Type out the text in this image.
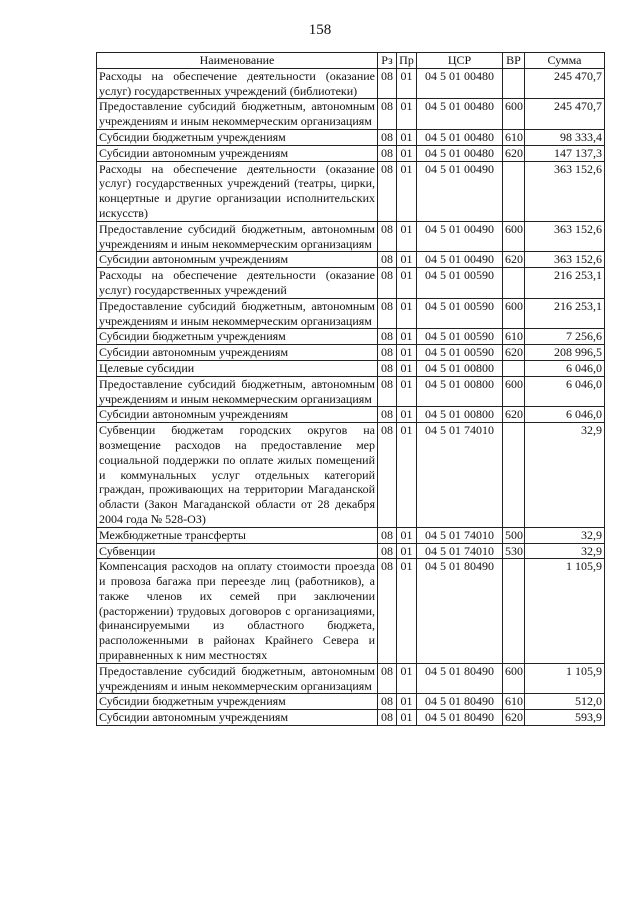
158
Наименование	Рз	Пр	ЦСР	ВР	Сумма
Расходы на обеспечение деятельности (оказание услуг) государственных учреждений (библиотеки)	08	01	04 5 01 00480		245 470,7
Предоставление субсидий бюджетным, автономным учреждениям и иным некоммерческим организациям	08	01	04 5 01 00480	600	245 470,7
Субсидии бюджетным учреждениям	08	01	04 5 01 00480	610	98 333,4
Субсидии автономным учреждениям	08	01	04 5 01 00480	620	147 137,3
Расходы на обеспечение деятельности (оказание услуг) государственных учреждений (театры, цирки, концертные и другие организации исполнительских искусств)	08	01	04 5 01 00490		363 152,6
Предоставление субсидий бюджетным, автономным учреждениям и иным некоммерческим организациям	08	01	04 5 01 00490	600	363 152,6
Субсидии автономным учреждениям	08	01	04 5 01 00490	620	363 152,6
Расходы на обеспечение деятельности (оказание услуг) государственных учреждений	08	01	04 5 01 00590		216 253,1
Предоставление субсидий бюджетным, автономным учреждениям и иным некоммерческим организациям	08	01	04 5 01 00590	600	216 253,1
Субсидии бюджетным учреждениям	08	01	04 5 01 00590	610	7 256,6
Субсидии автономным учреждениям	08	01	04 5 01 00590	620	208 996,5
Целевые субсидии	08	01	04 5 01 00800		6 046,0
Предоставление субсидий бюджетным, автономным учреждениям и иным некоммерческим организациям	08	01	04 5 01 00800	600	6 046,0
Субсидии автономным учреждениям	08	01	04 5 01 00800	620	6 046,0
Субвенции бюджетам городских округов на возмещение расходов на предоставление мер социальной поддержки по оплате жилых помещений и коммунальных услуг отдельных категорий граждан, проживающих на территории Магаданской области (Закон Магаданской области от 28 декабря 2004 года № 528-ОЗ)	08	01	04 5 01 74010		32,9
Межбюджетные трансферты	08	01	04 5 01 74010	500	32,9
Субвенции	08	01	04 5 01 74010	530	32,9
Компенсация расходов на оплату стоимости проезда и провоза багажа при переезде лиц (работников), а также членов их семей при заключении (расторжении) трудовых договоров с организациями, финансируемыми из областного бюджета, расположенными в районах Крайнего Севера и приравненных к ним местностях	08	01	04 5 01 80490		1 105,9
Предоставление субсидий бюджетным, автономным учреждениям и иным некоммерческим организациям	08	01	04 5 01 80490	600	1 105,9
Субсидии бюджетным учреждениям	08	01	04 5 01 80490	610	512,0
Субсидии автономным учреждениям	08	01	04 5 01 80490	620	593,9
